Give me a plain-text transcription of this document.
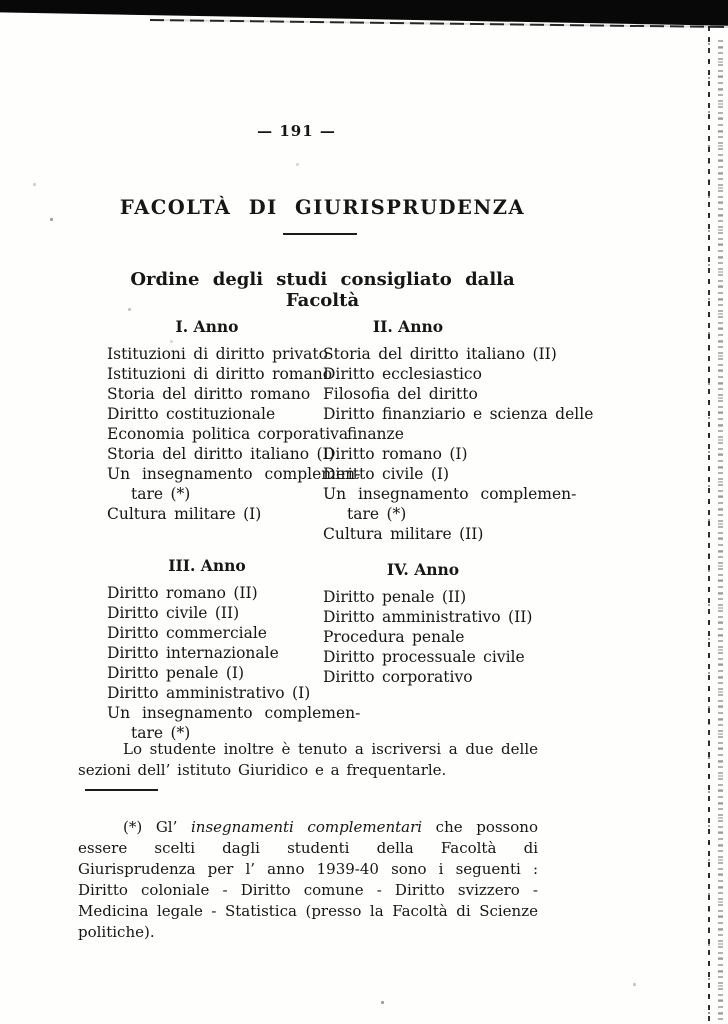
— 191 —
FACOLTÀ DI GIURISPRUDENZA
Ordine degli studi consigliato dalla Facoltà
I. Anno
Istituzioni di diritto privato
Istituzioni di diritto romano
Storia del diritto romano
Diritto costituzionale
Economia politica corporativa
Storia del diritto italiano (I)
Un insegnamento complemen-
tare (*)
Cultura militare (I)
II. Anno
Storia del diritto italiano (II)
Diritto ecclesiastico
Filosofia del diritto
Diritto finanziario e scienza delle
finanze
Diritto romano (I)
Diritto civile (I)
Un insegnamento complemen-
tare (*)
Cultura militare (II)
III. Anno
Diritto romano (II)
Diritto civile (II)
Diritto commerciale
Diritto internazionale
Diritto penale (I)
Diritto amministrativo (I)
Un insegnamento complemen-
tare (*)
IV. Anno
Diritto penale (II)
Diritto amministrativo (II)
Procedura penale
Diritto processuale civile
Diritto corporativo

Lo studente inoltre è tenuto a iscriversi a due delle sezioni dell’ istituto Giuridico e a frequentarle.

(*) Gl’ insegnamenti complementari che possono essere scelti dagli studenti della Facoltà di Giurisprudenza per l’ anno 1939-40 sono i seguenti : Diritto coloniale - Diritto comune - Diritto svizzero - Medicina legale - Statistica (presso la Facoltà di Scienze politiche).
